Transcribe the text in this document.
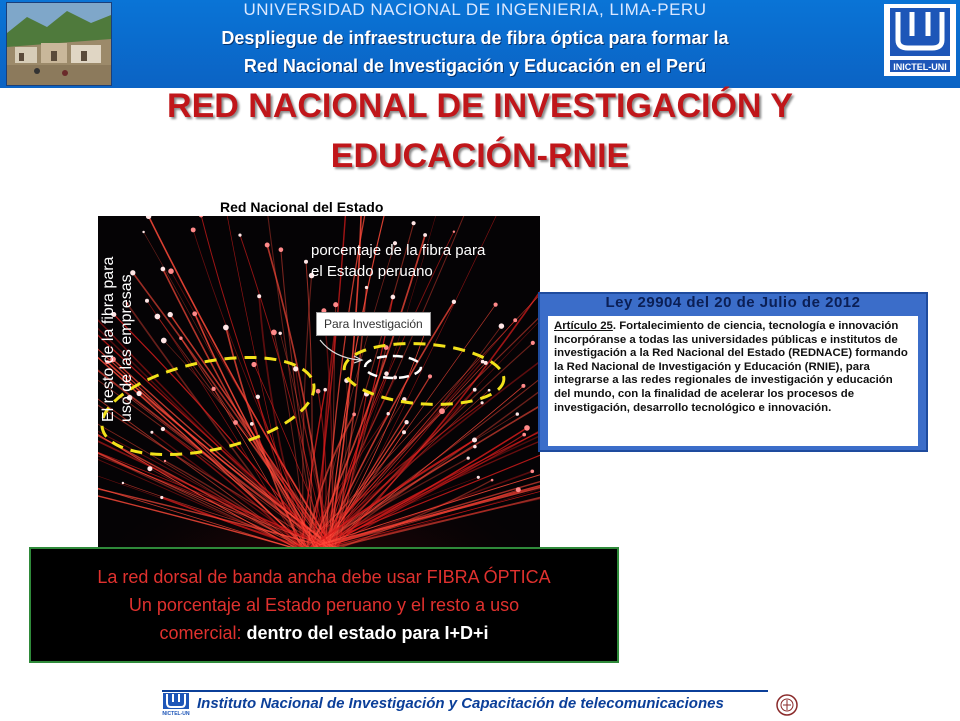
UNIVERSIDAD NACIONAL DE INGENIERIA, LIMA-PERU
Despliegue de infraestructura de fibra óptica para formar la
Red Nacional de Investigación y Educación en el Perú	INICTEL-UNI
RED NACIONAL DE INVESTIGACIÓN Y
EDUCACIÓN-RNIE
Red Nacional del Estado
El resto de la fibra para uso de las empresas
porcentaje de la fibra para
el Estado peruano
Para Investigación
Ley 29904 del 20 de Julio de 2012
Artículo 25. Fortalecimiento de ciencia, tecnología e innovación
Incorpóranse a todas las universidades públicas e institutos de investigación a la Red Nacional del Estado (REDNACE) formando la Red Nacional de Investigación y Educación (RNIE), para integrarse a las redes regionales de investigación y educación del mundo, con la finalidad de acelerar los procesos de investigación, desarrollo tecnológico e innovación.
La red dorsal de banda ancha debe usar FIBRA ÓPTICA
Un porcentaje al Estado peruano y el resto a uso
comercial: dentro del estado para I+D+i
INICTEL-UNI
Instituto Nacional de Investigación y Capacitación de telecomunicaciones
